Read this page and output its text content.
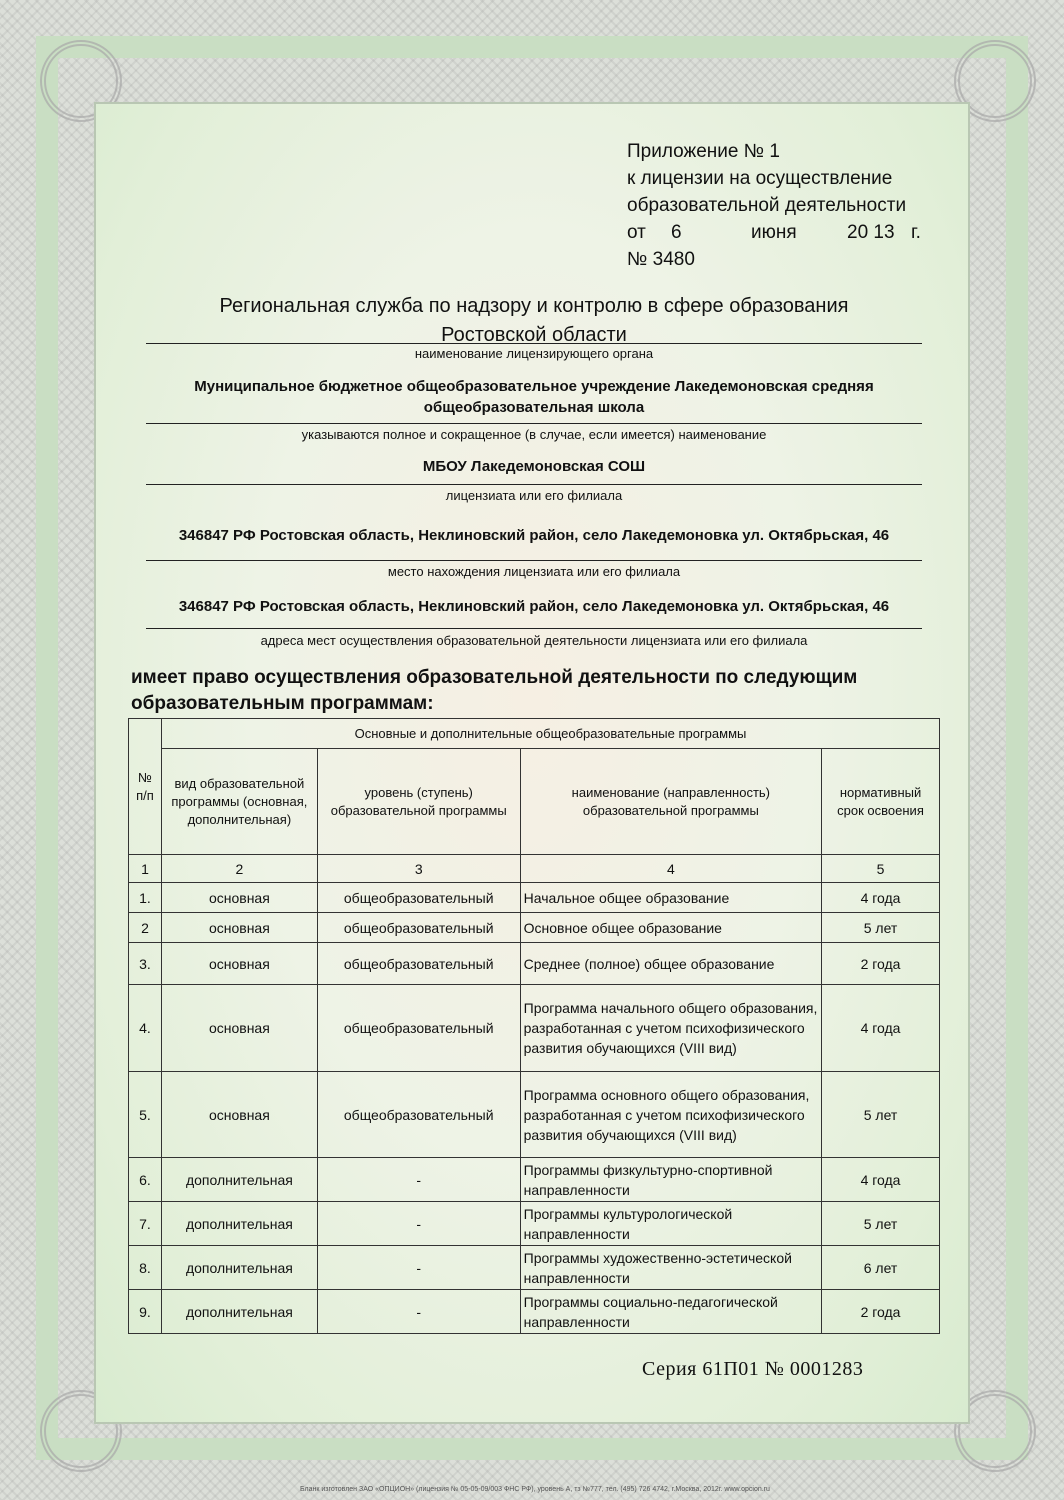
Приложение № 1
к лицензии на осуществление
образовательной деятельности
от 6	июня	20 13 г.
№ 3480
Региональная служба по надзору и контролю в сфере образования
Ростовской области
наименование лицензирующего органа
Муниципальное бюджетное общеобразовательное учреждение Лакедемоновская средняя
общеобразовательная школа
указываются полное и сокращенное (в случае, если имеется) наименование
МБОУ Лакедемоновская СОШ
лицензиата или его филиала
346847 РФ Ростовская область, Неклиновский район, село Лакедемоновка ул. Октябрьская, 46
место нахождения лицензиата или его филиала
346847 РФ Ростовская область, Неклиновский район, село Лакедемоновка ул. Октябрьская, 46
адреса мест осуществления образовательной деятельности лицензиата или его филиала
имеет право осуществления образовательной деятельности по следующим
образовательным программам:
№ п/п	Основные и дополнительные общеобразовательные программы			
	вид образовательной программы (основная, дополнительная)	уровень (ступень) образовательной программы	наименование (направленность) образовательной программы	нормативный срок освоения
1	2	3	4	5
1.	основная	общеобразовательный	Начальное общее образование	4 года
2	основная	общеобразовательный	Основное общее образование	5 лет
3.	основная	общеобразовательный	Среднее (полное) общее образование	2 года
4.	основная	общеобразовательный	Программа начального общего образования, разработанная с учетом психофизического развития обучающихся (VIII вид)	4 года
5.	основная	общеобразовательный	Программа основного общего образования, разработанная с учетом психофизического развития обучающихся (VIII вид)	5 лет
6.	дополнительная	-	Программы физкультурно-спортивной направленности	4 года
7.	дополнительная	-	Программы культурологической направленности	5 лет
8.	дополнительная	-	Программы художественно-эстетической направленности	6 лет
9.	дополнительная	-	Программы социально-педагогической направленности	2 года
Серия 61П01 № 0001283
Бланк изготовлен ЗАО «ОПЦИОН» (лицензия № 05-05-09/003 ФНС РФ), уровень А, тз №777, тел. (495) 726 4742, г.Москва, 2012г. www.opcion.ru
